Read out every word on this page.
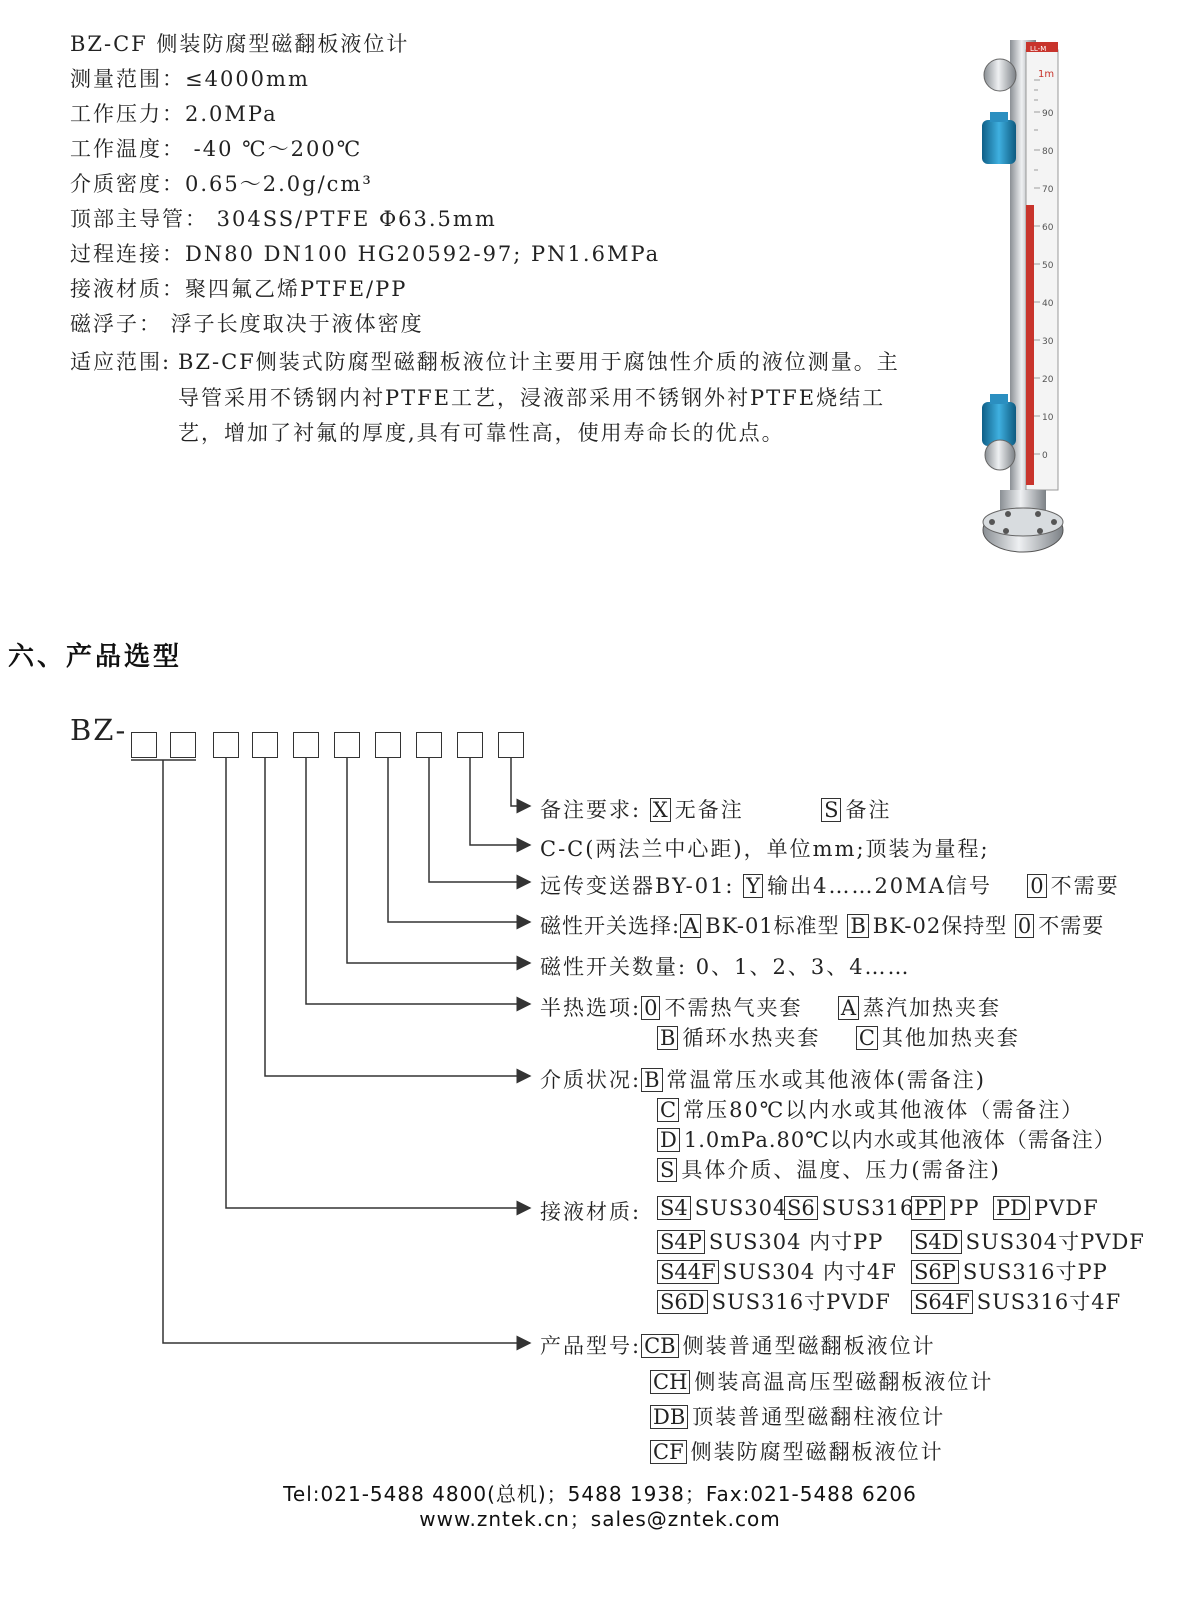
BZ-CF 侧装防腐型磁翻板液位计
测量范围：≤4000mm
工作压力：2.0MPa
工作温度： -40 ℃～200℃
介质密度：0.65～2.0g/cm³
顶部主导管： 304SS/PTFE Φ63.5mm
过程连接：DN80 DN100 HG20592-97; PN1.6MPa
接液材质：聚四氟乙烯PTFE/PP
磁浮子： 浮子长度取决于液体密度
适应范围: BZ-CF侧装式防腐型磁翻板液位计主要用于腐蚀性介质的液位测量。主导管采用不锈钢内衬PTFE工艺，浸液部采用不锈钢外衬PTFE烧结工艺，增加了衬氟的厚度,具有可靠性高，使用寿命长的优点。
LL-M
1m
90
80
70
60
50
40
30
20
10
0
六、产品选型
BZ-
备注要求: X 无备注	S 备注
C-C(两法兰中心距)，单位mm;顶装为量程;
远传变送器BY-01: Y 输出4……20MA信号 0 不需要
磁性开关选择: A BK-01标准型 B BK-02保持型 0 不需要
磁性开关数量: 0、1、2、3、4……
半热选项: 0 不需热气夹套 A 蒸汽加热夹套
B 循环水热夹套 C 其他加热夹套
介质状况: B 常温常压水或其他液体(需备注)
C 常压80℃以内水或其他液体（需备注）
D 1.0mPa.80℃以内水或其他液体（需备注）
S 具体介质、温度、压力(需备注)
接液材质: S4 SUS304 S6 SUS316 PP PP PD PVDF
S4P SUS304 内寸PP S4D SUS304寸PVDF
S44F SUS304 内寸4F S6P SUS316寸PP
S6D SUS316寸PVDF S64F SUS316寸4F
产品型号: CB 侧装普通型磁翻板液位计
CH 侧装高温高压型磁翻板液位计
DB 顶装普通型磁翻柱液位计
CF 侧装防腐型磁翻板液位计
Tel:021-5488 4800(总机)；5488 1938；Fax:021-5488 6206
www.zntek.cn；sales@zntek.com
